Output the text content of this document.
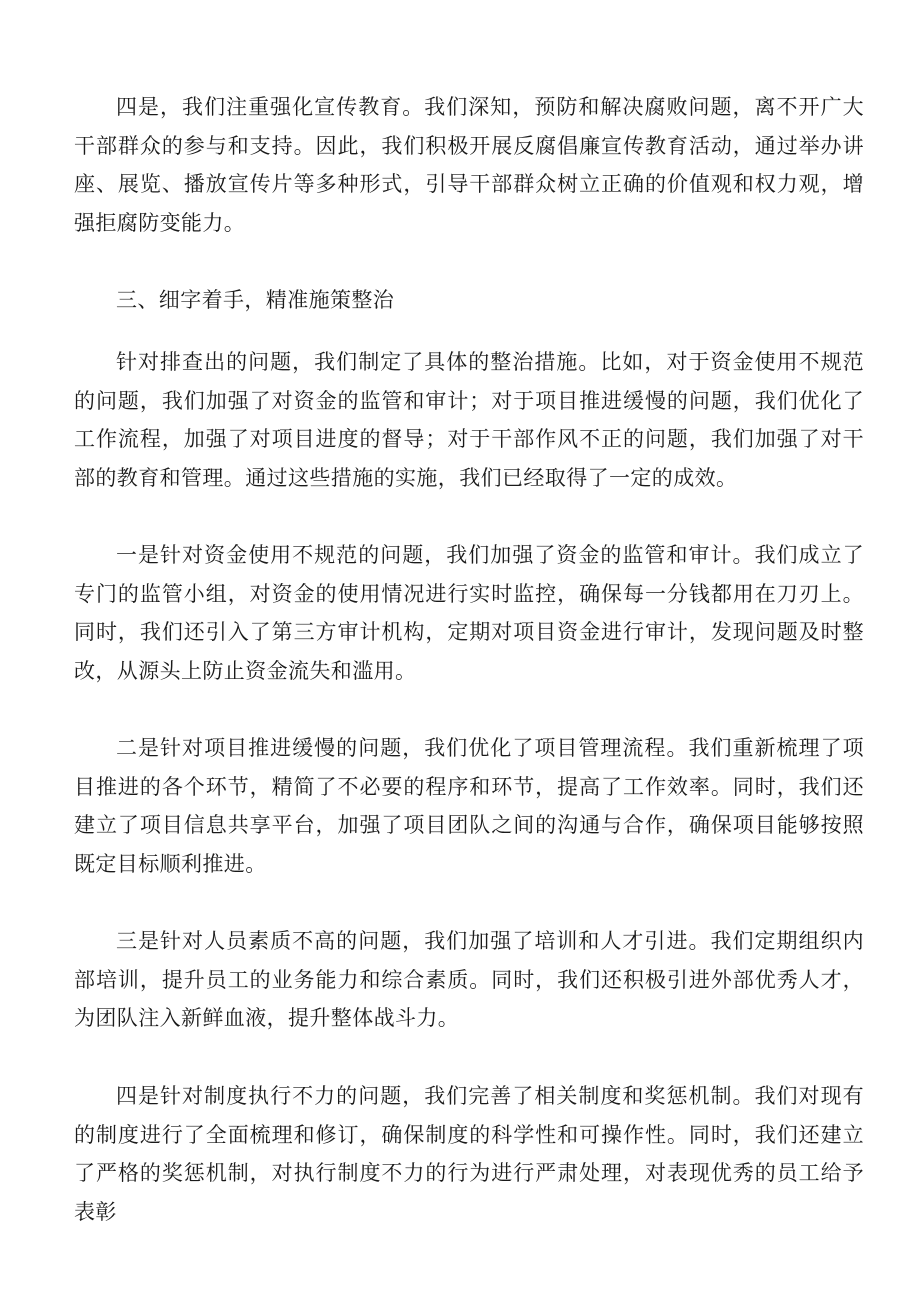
四是，我们注重强化宣传教育。我们深知，预防和解决腐败问题，离不开广大干部群众的参与和支持。因此，我们积极开展反腐倡廉宣传教育活动，通过举办讲座、展览、播放宣传片等多种形式，引导干部群众树立正确的价值观和权力观，增强拒腐防变能力。

三、细字着手，精准施策整治

针对排查出的问题，我们制定了具体的整治措施。比如，对于资金使用不规范的问题，我们加强了对资金的监管和审计；对于项目推进缓慢的问题，我们优化了工作流程，加强了对项目进度的督导；对于干部作风不正的问题，我们加强了对干部的教育和管理。通过这些措施的实施，我们已经取得了一定的成效。

一是针对资金使用不规范的问题，我们加强了资金的监管和审计。我们成立了专门的监管小组，对资金的使用情况进行实时监控，确保每一分钱都用在刀刃上。同时，我们还引入了第三方审计机构，定期对项目资金进行审计，发现问题及时整改，从源头上防止资金流失和滥用。

二是针对项目推进缓慢的问题，我们优化了项目管理流程。我们重新梳理了项目推进的各个环节，精简了不必要的程序和环节，提高了工作效率。同时，我们还建立了项目信息共享平台，加强了项目团队之间的沟通与合作，确保项目能够按照既定目标顺利推进。

三是针对人员素质不高的问题，我们加强了培训和人才引进。我们定期组织内部培训，提升员工的业务能力和综合素质。同时，我们还积极引进外部优秀人才，为团队注入新鲜血液，提升整体战斗力。

四是针对制度执行不力的问题，我们完善了相关制度和奖惩机制。我们对现有的制度进行了全面梳理和修订，确保制度的科学性和可操作性。同时，我们还建立了严格的奖惩机制，对执行制度不力的行为进行严肃处理，对表现优秀的员工给予表彰
